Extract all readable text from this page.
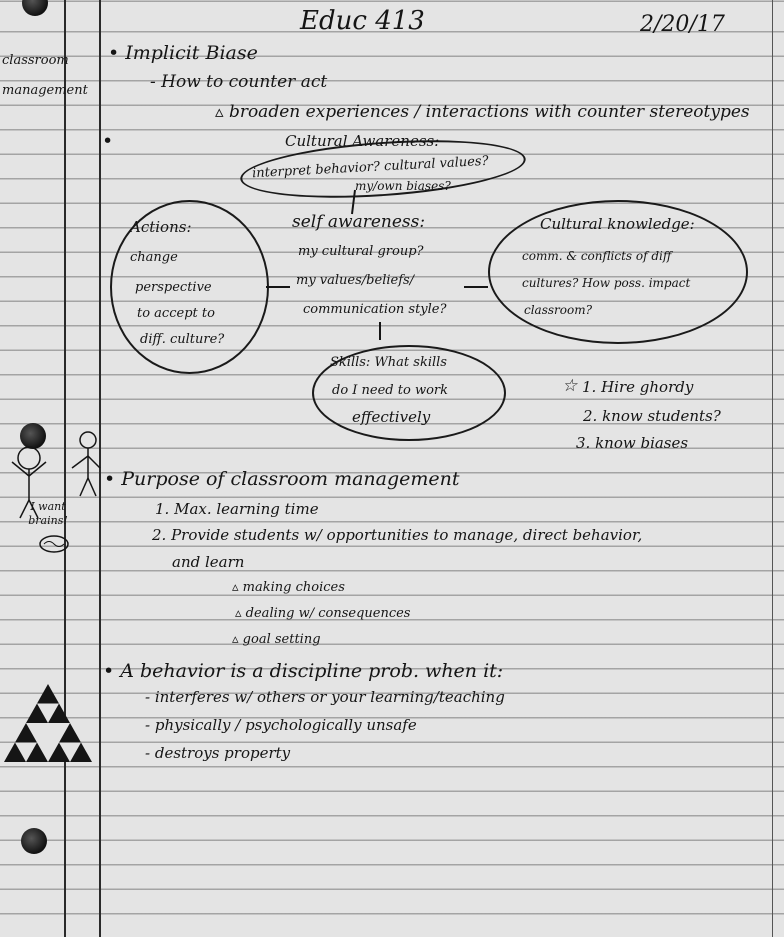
Educ 413	2/20/17
classroom management
• Implicit Biase
- How to counter act
▵ broaden experiences / interactions with counter stereotypes
•	Cultural Awareness:
interpret behavior? cultural values?
my/own biases?
self awareness:
my cultural group?
my values/beliefs/
communication style?
Actions:
change
perspective
to accept to
diff. culture?
Cultural knowledge:
comm. & conflicts of diff
cultures? How poss. impact
classroom?
Skills: What skills
do I need to work
effectively
☆ 1. Hire ghordy
2. know students?
3. know biases
I want brains!
• Purpose of classroom management
1. Max. learning time
2. Provide students w/ opportunities to manage, direct behavior,
and learn
▵ making choices
▵ dealing w/ consequences
▵ goal setting
• A behavior is a discipline prob. when it:
- interferes w/ others or your learning/teaching
- physically / psychologically unsafe
- destroys property
